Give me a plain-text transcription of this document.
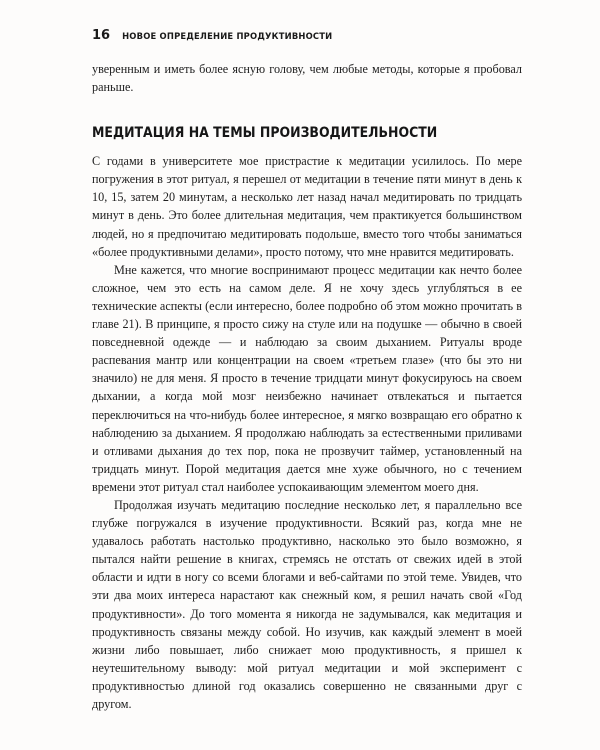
16 НОВОЕ ОПРЕДЕЛЕНИЕ ПРОДУКТИВНОСТИ

уверенным и иметь более ясную голову, чем любые методы, которые я пробовал раньше.

МЕДИТАЦИЯ НА ТЕМЫ ПРОИЗВОДИТЕЛЬНОСТИ

С годами в университете мое пристрастие к медитации усилилось. По мере погружения в этот ритуал, я перешел от медитации в течение пяти минут в день к 10, 15, затем 20 минутам, а несколько лет назад начал медитировать по тридцать минут в день. Это более длительная медитация, чем практикуется большинством людей, но я предпочитаю медитировать подольше, вместо того чтобы заниматься «более продуктивными делами», просто потому, что мне нравится медитировать.

Мне кажется, что многие воспринимают процесс медитации как нечто более сложное, чем это есть на самом деле. Я не хочу здесь углубляться в ее технические аспекты (если интересно, более подробно об этом можно прочитать в главе 21). В принципе, я просто сижу на стуле или на подушке — обычно в своей повседневной одежде — и наблюдаю за своим дыханием. Ритуалы вроде распевания мантр или концентрации на своем «третьем глазе» (что бы это ни значило) не для меня. Я просто в течение тридцати минут фокусируюсь на своем дыхании, а когда мой мозг неизбежно начинает отвлекаться и пытается переключиться на что-нибудь более интересное, я мягко возвращаю его обратно к наблюдению за дыханием. Я продолжаю наблюдать за естественными приливами и отливами дыхания до тех пор, пока не прозвучит таймер, установленный на тридцать минут. Порой медитация дается мне хуже обычного, но с течением времени этот ритуал стал наиболее успокаивающим элементом моего дня.

Продолжая изучать медитацию последние несколько лет, я параллельно все глубже погружался в изучение продуктивности. Всякий раз, когда мне не удавалось работать настолько продуктивно, насколько это было возможно, я пытался найти решение в книгах, стремясь не отстать от свежих идей в этой области и идти в ногу со всеми блогами и веб-сайтами по этой теме. Увидев, что эти два моих интереса нарастают как снежный ком, я решил начать свой «Год продуктивности». До того момента я никогда не задумывался, как медитация и продуктивность связаны между собой. Но изучив, как каждый элемент в моей жизни либо повышает, либо снижает мою продуктивность, я пришел к неутешительному выводу: мой ритуал медитации и мой эксперимент с продуктивностью длиной год оказались совершенно не связанными друг с другом.
